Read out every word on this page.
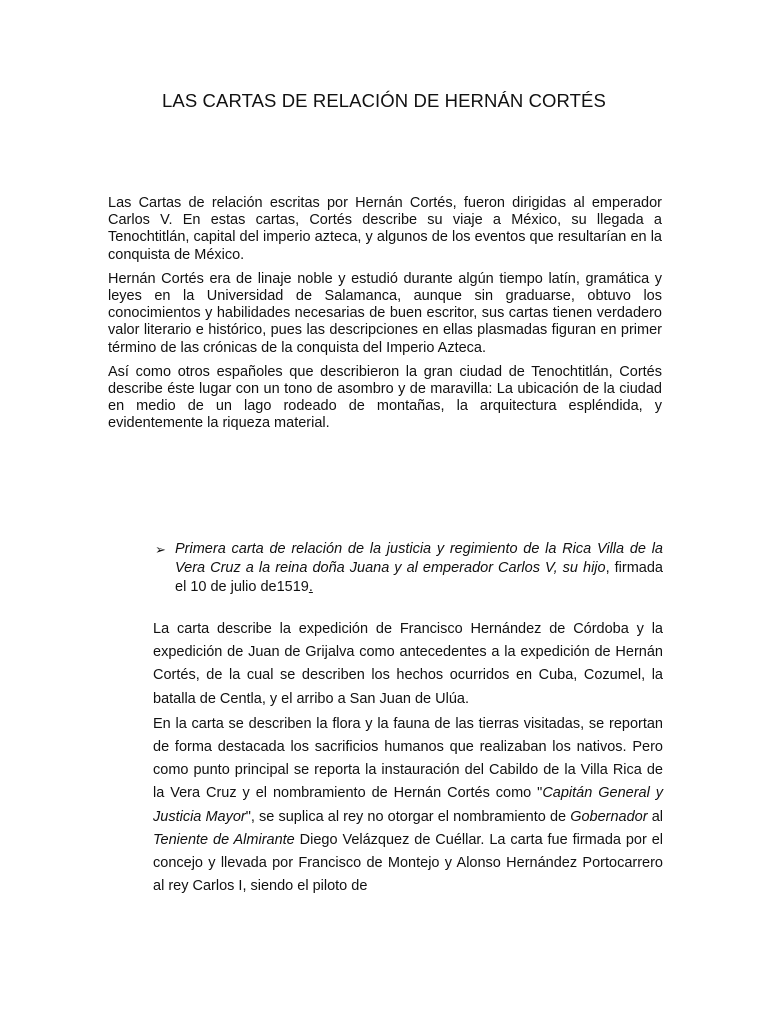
LAS CARTAS DE RELACIÓN DE HERNÁN CORTÉS

Las Cartas de relación escritas por Hernán Cortés, fueron dirigidas al emperador Carlos V. En estas cartas, Cortés describe su viaje a México, su llegada a Tenochtitlán, capital del imperio azteca, y algunos de los eventos que resultarían en la conquista de México.

Hernán Cortés era de linaje noble y estudió durante algún tiempo latín, gramática y leyes en la Universidad de Salamanca, aunque sin graduarse, obtuvo los conocimientos y habilidades necesarias de buen escritor, sus cartas tienen verdadero valor literario e histórico, pues las descripciones en ellas plasmadas figuran en primer término de las crónicas de la conquista del Imperio Azteca.

Así como otros españoles que describieron la gran ciudad de Tenochtitlán, Cortés describe éste lugar con un tono de asombro y de maravilla: La ubicación de la ciudad en medio de un lago rodeado de montañas, la arquitectura espléndida, y evidentemente la riqueza material.

➢ Primera carta de relación de la justicia y regimiento de la Rica Villa de la Vera Cruz a la reina doña Juana y al emperador Carlos V, su hijo, firmada el 10 de julio de1519.

La carta describe la expedición de Francisco Hernández de Córdoba y la expedición de Juan de Grijalva como antecedentes a la expedición de Hernán Cortés, de la cual se describen los hechos ocurridos en Cuba, Cozumel, la batalla de Centla, y el arribo a San Juan de Ulúa.

En la carta se describen la flora y la fauna de las tierras visitadas, se reportan de forma destacada los sacrificios humanos que realizaban los nativos. Pero como punto principal se reporta la instauración del Cabildo de la Villa Rica de la Vera Cruz y el nombramiento de Hernán Cortés como "Capitán General y Justicia Mayor", se suplica al rey no otorgar el nombramiento de Gobernador al Teniente de Almirante Diego Velázquez de Cuéllar. La carta fue firmada por el concejo y llevada por Francisco de Montejo y Alonso Hernández Portocarrero al rey Carlos I, siendo el piloto de
